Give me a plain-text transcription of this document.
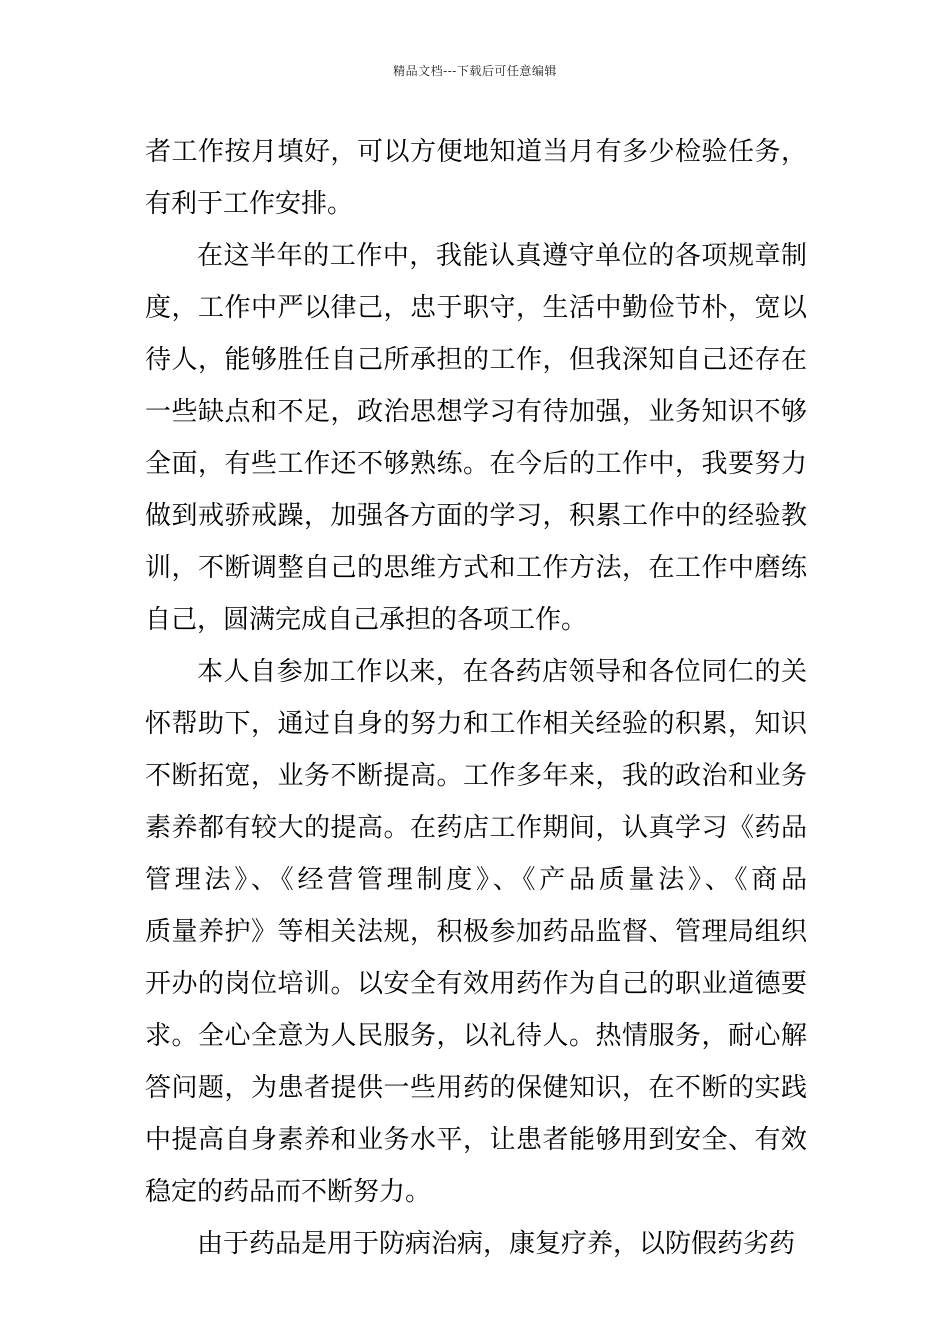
精品文档---下载后可任意编辑

者工作按月填好，可以方便地知道当月有多少检验任务，
有利于工作安排。

在这半年的工作中，我能认真遵守单位的各项规章制
度，工作中严以律己，忠于职守，生活中勤俭节朴，宽以
待人，能够胜任自己所承担的工作，但我深知自己还存在
一些缺点和不足，政治思想学习有待加强，业务知识不够
全面，有些工作还不够熟练。在今后的工作中，我要努力
做到戒骄戒躁，加强各方面的学习，积累工作中的经验教
训，不断调整自己的思维方式和工作方法，在工作中磨练
自己，圆满完成自己承担的各项工作。

本人自参加工作以来，在各药店领导和各位同仁的关
怀帮助下，通过自身的努力和工作相关经验的积累，知识
不断拓宽，业务不断提高。工作多年来，我的政治和业务
素养都有较大的提高。在药店工作期间，认真学习《药品
管理法》、《经营管理制度》、《产品质量法》、《商品
质量养护》等相关法规，积极参加药品监督、管理局组织
开办的岗位培训。以安全有效用药作为自己的职业道德要
求。全心全意为人民服务，以礼待人。热情服务，耐心解
答问题，为患者提供一些用药的保健知识，在不断的实践
中提高自身素养和业务水平，让患者能够用到安全、有效
稳定的药品而不断努力。

由于药品是用于防病治病，康复疗养，以防假药劣药
